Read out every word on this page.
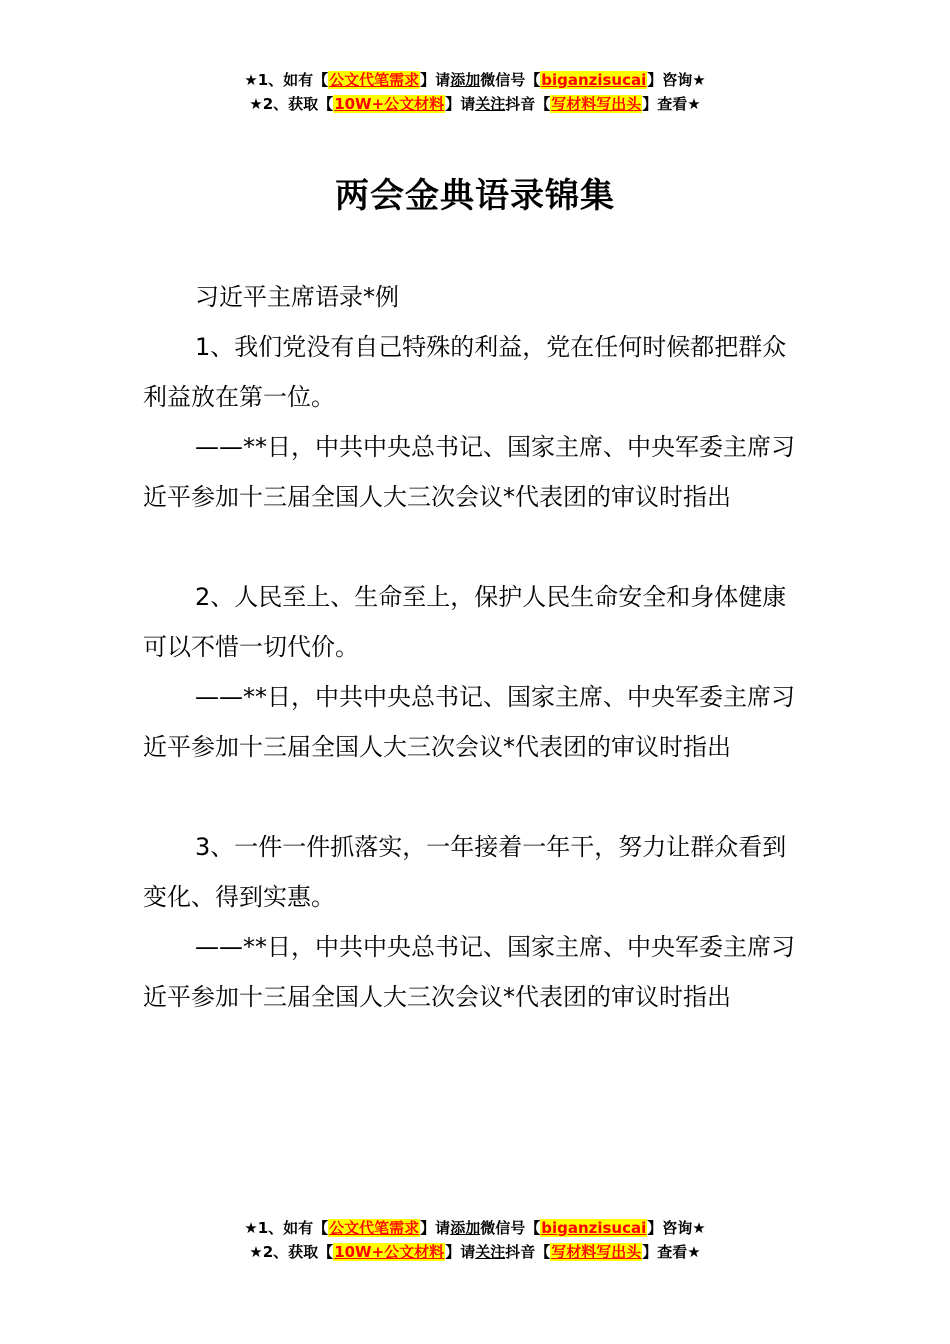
★1、如有【公文代笔需求】请添加微信号【biganzisucai】咨询★
★2、获取【10W+公文材料】请关注抖音【写材料写出头】查看★
两会金典语录锦集

习近平主席语录*例

1、我们党没有自己特殊的利益，党在任何时候都把群众利益放在第一位。

——**日，中共中央总书记、国家主席、中央军委主席习近平参加十三届全国人大三次会议*代表团的审议时指出

2、人民至上、生命至上，保护人民生命安全和身体健康可以不惜一切代价。

——**日，中共中央总书记、国家主席、中央军委主席习近平参加十三届全国人大三次会议*代表团的审议时指出

3、一件一件抓落实，一年接着一年干，努力让群众看到变化、得到实惠。

——**日，中共中央总书记、国家主席、中央军委主席习近平参加十三届全国人大三次会议*代表团的审议时指出

★1、如有【公文代笔需求】请添加微信号【biganzisucai】咨询★
★2、获取【10W+公文材料】请关注抖音【写材料写出头】查看★
